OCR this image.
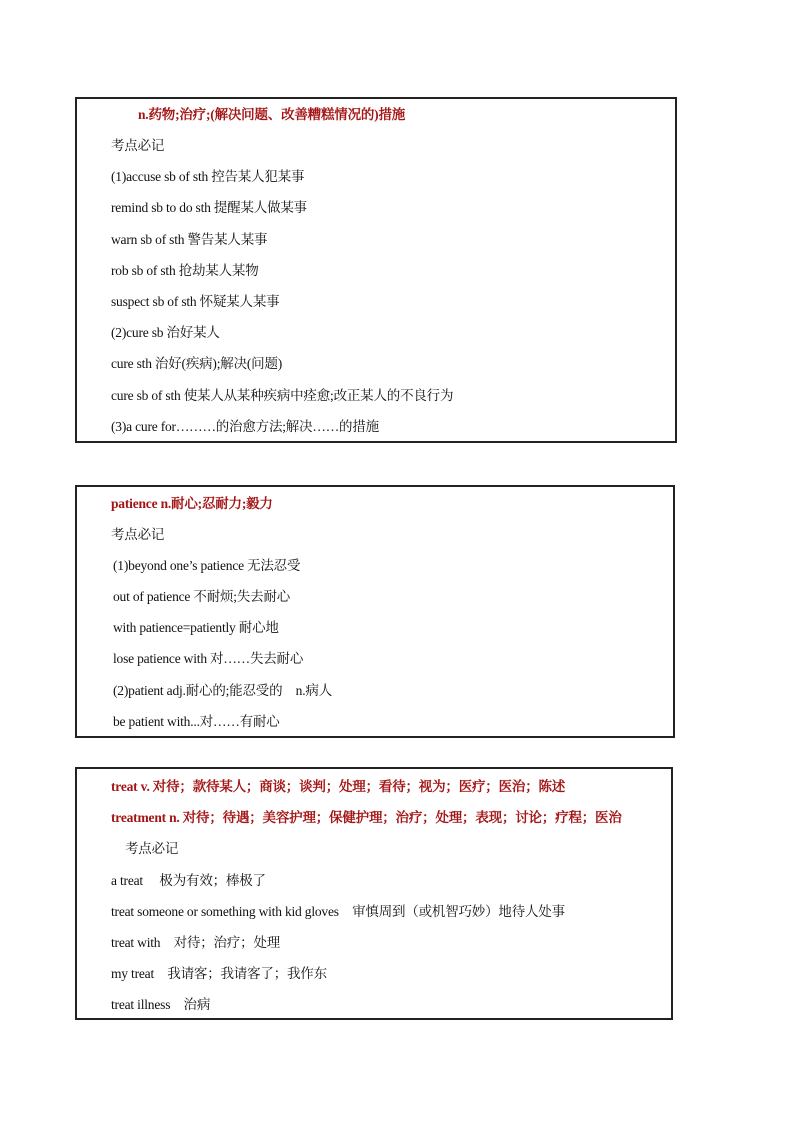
n.药物;治疗;(解决问题、改善糟糕情况的)措施
考点必记
(1)accuse sb of sth 控告某人犯某事
remind sb to do sth 提醒某人做某事
warn sb of sth 警告某人某事
rob sb of sth 抢劫某人某物
suspect sb of sth 怀疑某人某事
(2)cure sb 治好某人
cure sth 治好(疾病);解决(问题)
cure sb of sth 使某人从某种疾病中痊愈;改正某人的不良行为
(3)a cure for………的治愈方法;解决……的措施
patience n.耐心;忍耐力;毅力
考点必记
(1)beyond one’s patience 无法忍受
out of patience 不耐烦;失去耐心
with patience=patiently 耐心地
lose patience with 对……失去耐心
(2)patient adj.耐心的;能忍受的　n.病人
be patient with...对……有耐心
treat v. 对待；款待某人；商谈；谈判；处理；看待；视为；医疗；医治；陈述
treatment n. 对待；待遇；美容护理；保健护理；治疗；处理；表现；讨论；疗程；医治
考点必记
a treat　 极为有效；棒极了
treat someone or something with kid gloves　审慎周到（或机智巧妙）地待人处事
treat with　对待；治疗；处理
my treat　我请客；我请客了；我作东
treat illness　治病
